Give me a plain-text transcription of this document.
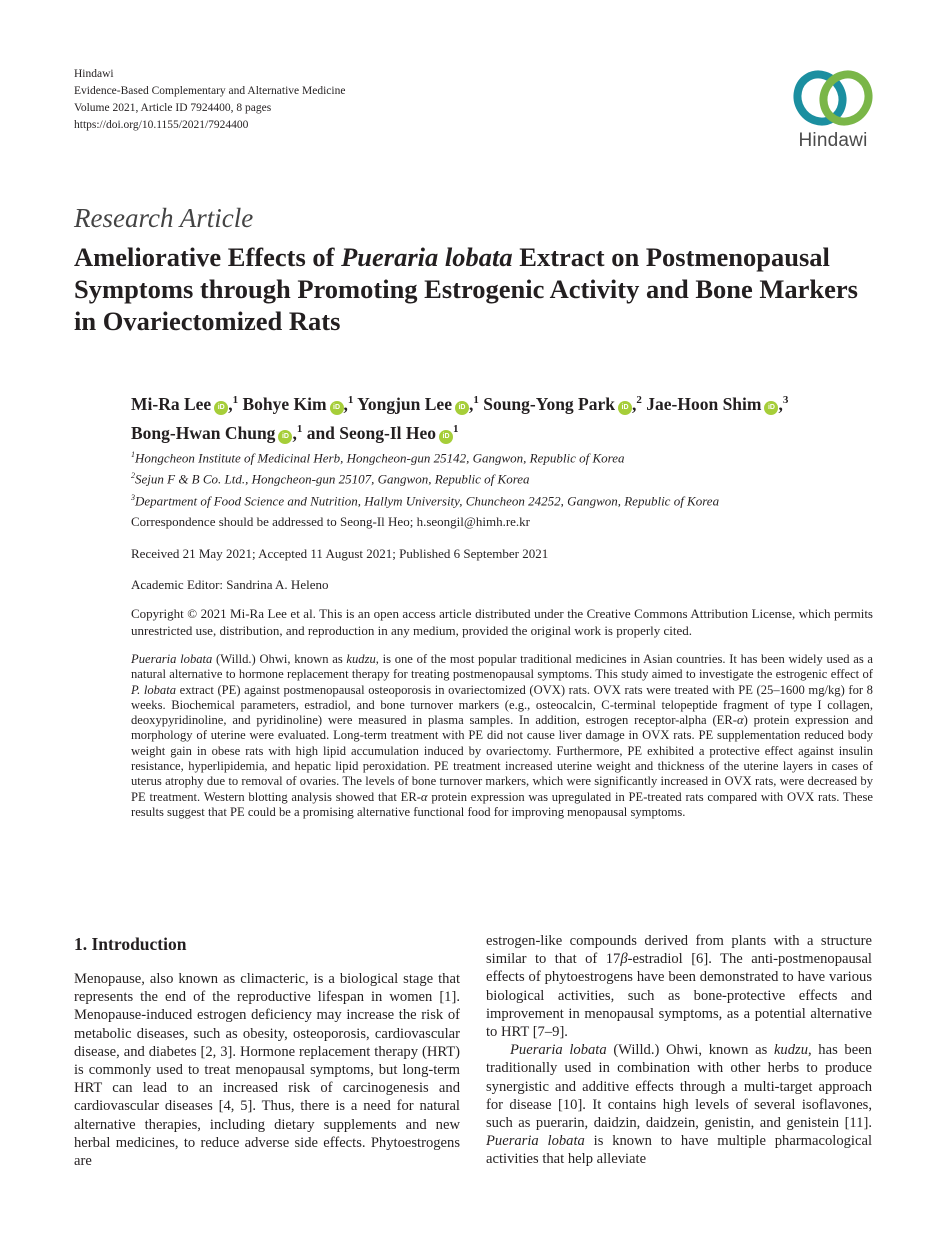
Hindawi
Evidence-Based Complementary and Alternative Medicine
Volume 2021, Article ID 7924400, 8 pages
https://doi.org/10.1155/2021/7924400
Hindawi
Research Article
Ameliorative Effects of Pueraria lobata Extract on Postmenopausal Symptoms through Promoting Estrogenic Activity and Bone Markers in Ovariectomized Rats
Mi-Ra Lee iD ,$^1$ Bohye Kim iD ,$^1$ Yongjun Lee iD ,$^1$ Soung-Yong Park iD ,$^2$ Jae-Hoon Shim iD ,$^3$
Bong-Hwan Chung iD ,$^1$ and Seong-Il Heo $iD^1$
$^1$Hongcheon Institute of Medicinal Herb, Hongcheon-gun 25142, Gangwon, Republic of Korea
$^2$Sejun F & B Co. Ltd., Hongcheon-gun 25107, Gangwon, Republic of Korea
$^3$Department of Food Science and Nutrition, Hallym University, Chuncheon 24252, Gangwon, Republic of Korea
Correspondence should be addressed to Seong-Il Heo; h.seongil@himh.re.kr
Received 21 May 2021; Accepted 11 August 2021; Published 6 September 2021
Academic Editor: Sandrina A. Heleno
Copyright © 2021 Mi-Ra Lee et al. This is an open access article distributed under the Creative Commons Attribution License, which permits unrestricted use, distribution, and reproduction in any medium, provided the original work is properly cited.
Pueraria lobata (Willd.) Ohwi, known as kudzu, is one of the most popular traditional medicines in Asian countries. It has been widely used as a natural alternative to hormone replacement therapy for treating postmenopausal symptoms. This study aimed to investigate the estrogenic effect of P. lobata extract (PE) against postmenopausal osteoporosis in ovariectomized (OVX) rats. OVX rats were treated with PE (25–1600 mg/kg) for 8 weeks. Biochemical parameters, estradiol, and bone turnover markers (e.g., osteocalcin, C-terminal telopeptide fragment of type I collagen, deoxypyridinoline, and pyridinoline) were measured in plasma samples. In addition, estrogen receptor-alpha (ER-α) protein expression and morphology of uterine were evaluated. Long-term treatment with PE did not cause liver damage in OVX rats. PE supplementation reduced body weight gain in obese rats with high lipid accumulation induced by ovariectomy. Furthermore, PE exhibited a protective effect against insulin resistance, hyperlipidemia, and hepatic lipid peroxidation. PE treatment increased uterine weight and thickness of the uterine layers in cases of uterus atrophy due to removal of ovaries. The levels of bone turnover markers, which were significantly increased in OVX rats, were decreased by PE treatment. Western blotting analysis showed that ER-α protein expression was upregulated in PE-treated rats compared with OVX rats. These results suggest that PE could be a promising alternative functional food for improving menopausal symptoms.
1. Introduction

Menopause, also known as climacteric, is a biological stage that represents the end of the reproductive lifespan in women [1]. Menopause-induced estrogen deficiency may increase the risk of metabolic diseases, such as obesity, osteoporosis, cardiovascular disease, and diabetes [2, 3]. Hormone replacement therapy (HRT) is commonly used to treat menopausal symptoms, but long-term HRT can lead to an increased risk of carcinogenesis and cardiovascular diseases [4, 5]. Thus, there is a need for natural alternative therapies, including dietary supplements and new herbal medicines, to reduce adverse side effects. Phytoestrogens are

estrogen-like compounds derived from plants with a structure similar to that of 17β-estradiol [6]. The anti-postmenopausal effects of phytoestrogens have been demonstrated to have various biological activities, such as bone-protective effects and improvement in menopausal symptoms, as a potential alternative to HRT [7–9].

Pueraria lobata (Willd.) Ohwi, known as kudzu, has been traditionally used in combination with other herbs to produce synergistic and additive effects through a multi-target approach for disease [10]. It contains high levels of several isoflavones, such as puerarin, daidzin, daidzein, genistin, and genistein [11]. Pueraria lobata is known to have multiple pharmacological activities that help alleviate
